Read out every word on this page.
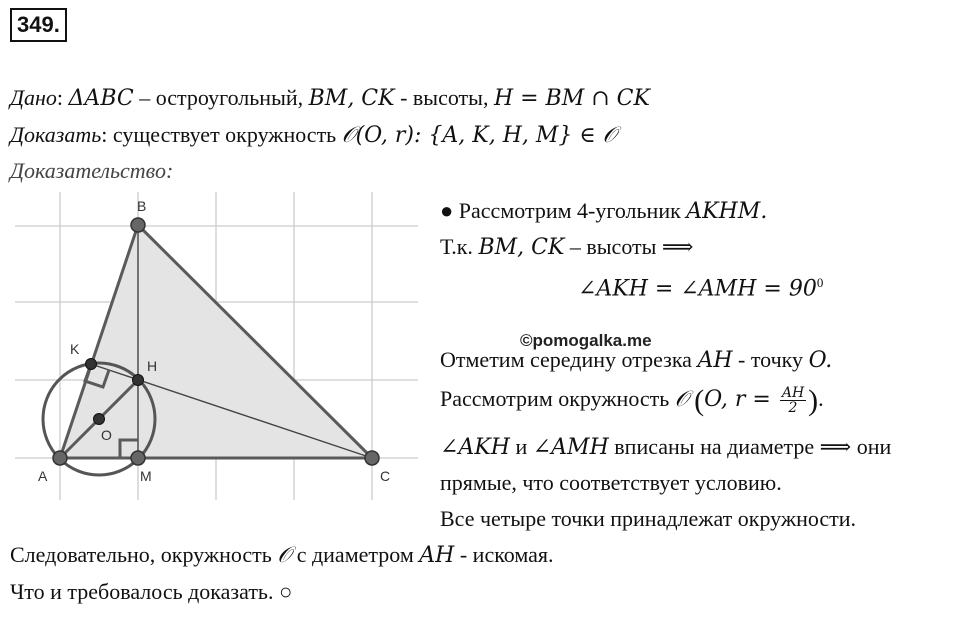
349.
Дано: ΔABC – остроугольный, BM, CK - высоты, H = BM ∩ CK
Доказать: существует окружность 𝒪(O, r): {A, K, H, M} ∈ 𝒪
Доказательство:
B
K
H
O
A	M	C
● Рассмотрим 4-угольник AKHM.
Т.к. BM, CK – высоты ⟹
∠AKH = ∠AMH = $90^0$
©pomogalka.me
Отметим середину отрезка AH - точку O.
Рассмотрим окружность 𝒪 (O, $r = \frac{AH}{2}$ ).
∠AKH и ∠AMH вписаны на диаметре ⟹ они
прямые, что соответствует условию.
Все четыре точки принадлежат окружности.
Следовательно, окружность 𝒪 с диаметром AH - искомая.
Что и требовалось доказать. ○
